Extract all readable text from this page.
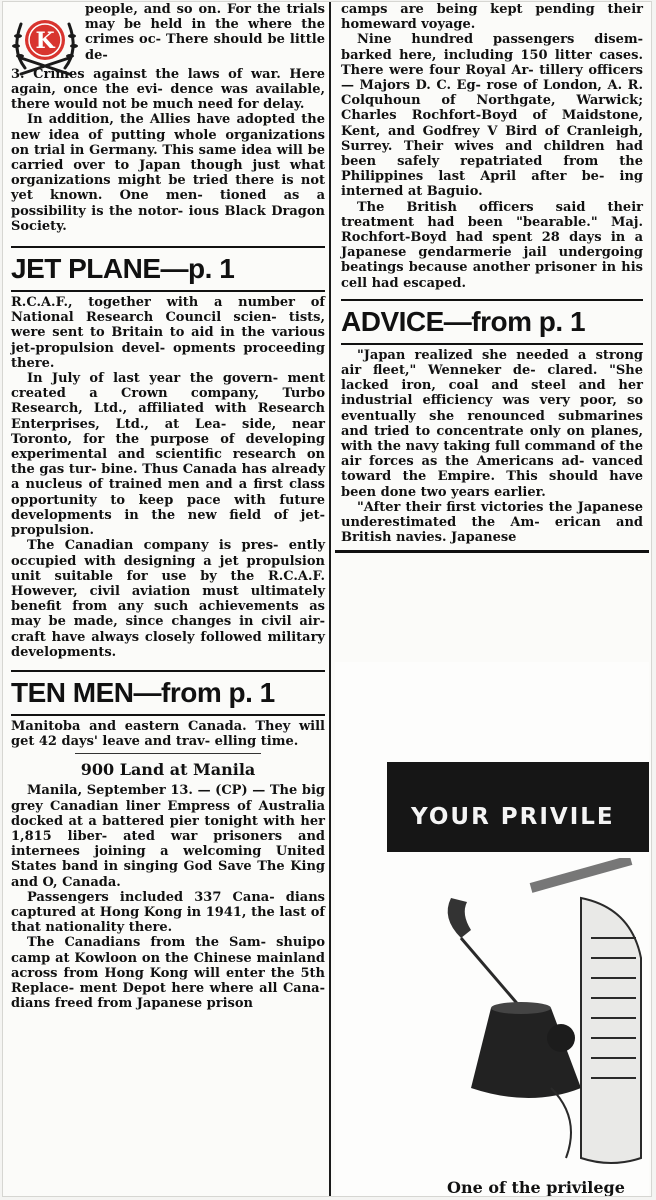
K

people, and so on. For the trials may be held in the where the crimes oc- There should be little de-

3. Crimes against the laws of war. Here again, once the evi- dence was available, there would not be much need for delay.

In addition, the Allies have adopted the new idea of putting whole organizations on trial in Germany. This same idea will be carried over to Japan though just what organizations might be tried there is not yet known. One men- tioned as a possibility is the notor- ious Black Dragon Society.

JET PLANE—p. 1

R.C.A.F., together with a number of National Research Council scien- tists, were sent to Britain to aid in the various jet-propulsion devel- opments proceeding there.

In July of last year the govern- ment created a Crown company, Turbo Research, Ltd., affiliated with Research Enterprises, Ltd., at Lea- side, near Toronto, for the purpose of developing experimental and scientific research on the gas tur- bine. Thus Canada has already a nucleus of trained men and a first class opportunity to keep pace with future developments in the new field of jet-propulsion.

The Canadian company is pres- ently occupied with designing a jet propulsion unit suitable for use by the R.C.A.F. However, civil aviation must ultimately benefit from any such achievements as may be made, since changes in civil air- craft have always closely followed military developments.

TEN MEN—from p. 1

Manitoba and eastern Canada. They will get 42 days' leave and trav- elling time.

900 Land at Manila

Manila, September 13. — (CP) — The big grey Canadian liner Empress of Australia docked at a battered pier tonight with her 1,815 liber- ated war prisoners and internees joining a welcoming United States band in singing God Save The King and O, Canada.

Passengers included 337 Cana- dians captured at Hong Kong in 1941, the last of that nationality there.

The Canadians from the Sam- shuipo camp at Kowloon on the Chinese mainland across from Hong Kong will enter the 5th Replace- ment Depot here where all Cana- dians freed from Japanese prison

camps are being kept pending their homeward voyage.

Nine hundred passengers disem- barked here, including 150 litter cases. There were four Royal Ar- tillery officers — Majors D. C. Eg- rose of London, A. R. Colquhoun of Northgate, Warwick; Charles Rochfort-Boyd of Maidstone, Kent, and Godfrey V Bird of Cranleigh, Surrey. Their wives and children had been safely repatriated from the Philippines last April after be- ing interned at Baguio.

The British officers said their treatment had been "bearable." Maj. Rochfort-Boyd had spent 28 days in a Japanese gendarmerie jail undergoing beatings because another prisoner in his cell had escaped.

ADVICE—from p. 1

"Japan realized she needed a strong air fleet," Wenneker de- clared. "She lacked iron, coal and steel and her industrial efficiency was very poor, so eventually she renounced submarines and tried to concentrate only on planes, with the navy taking full command of the air forces as the Americans ad- vanced toward the Empire. This should have been done two years earlier.

"After their first victories the Japanese underestimated the Am- erican and British navies. Japanese

YOUR PRIVILE
One of the privilege
